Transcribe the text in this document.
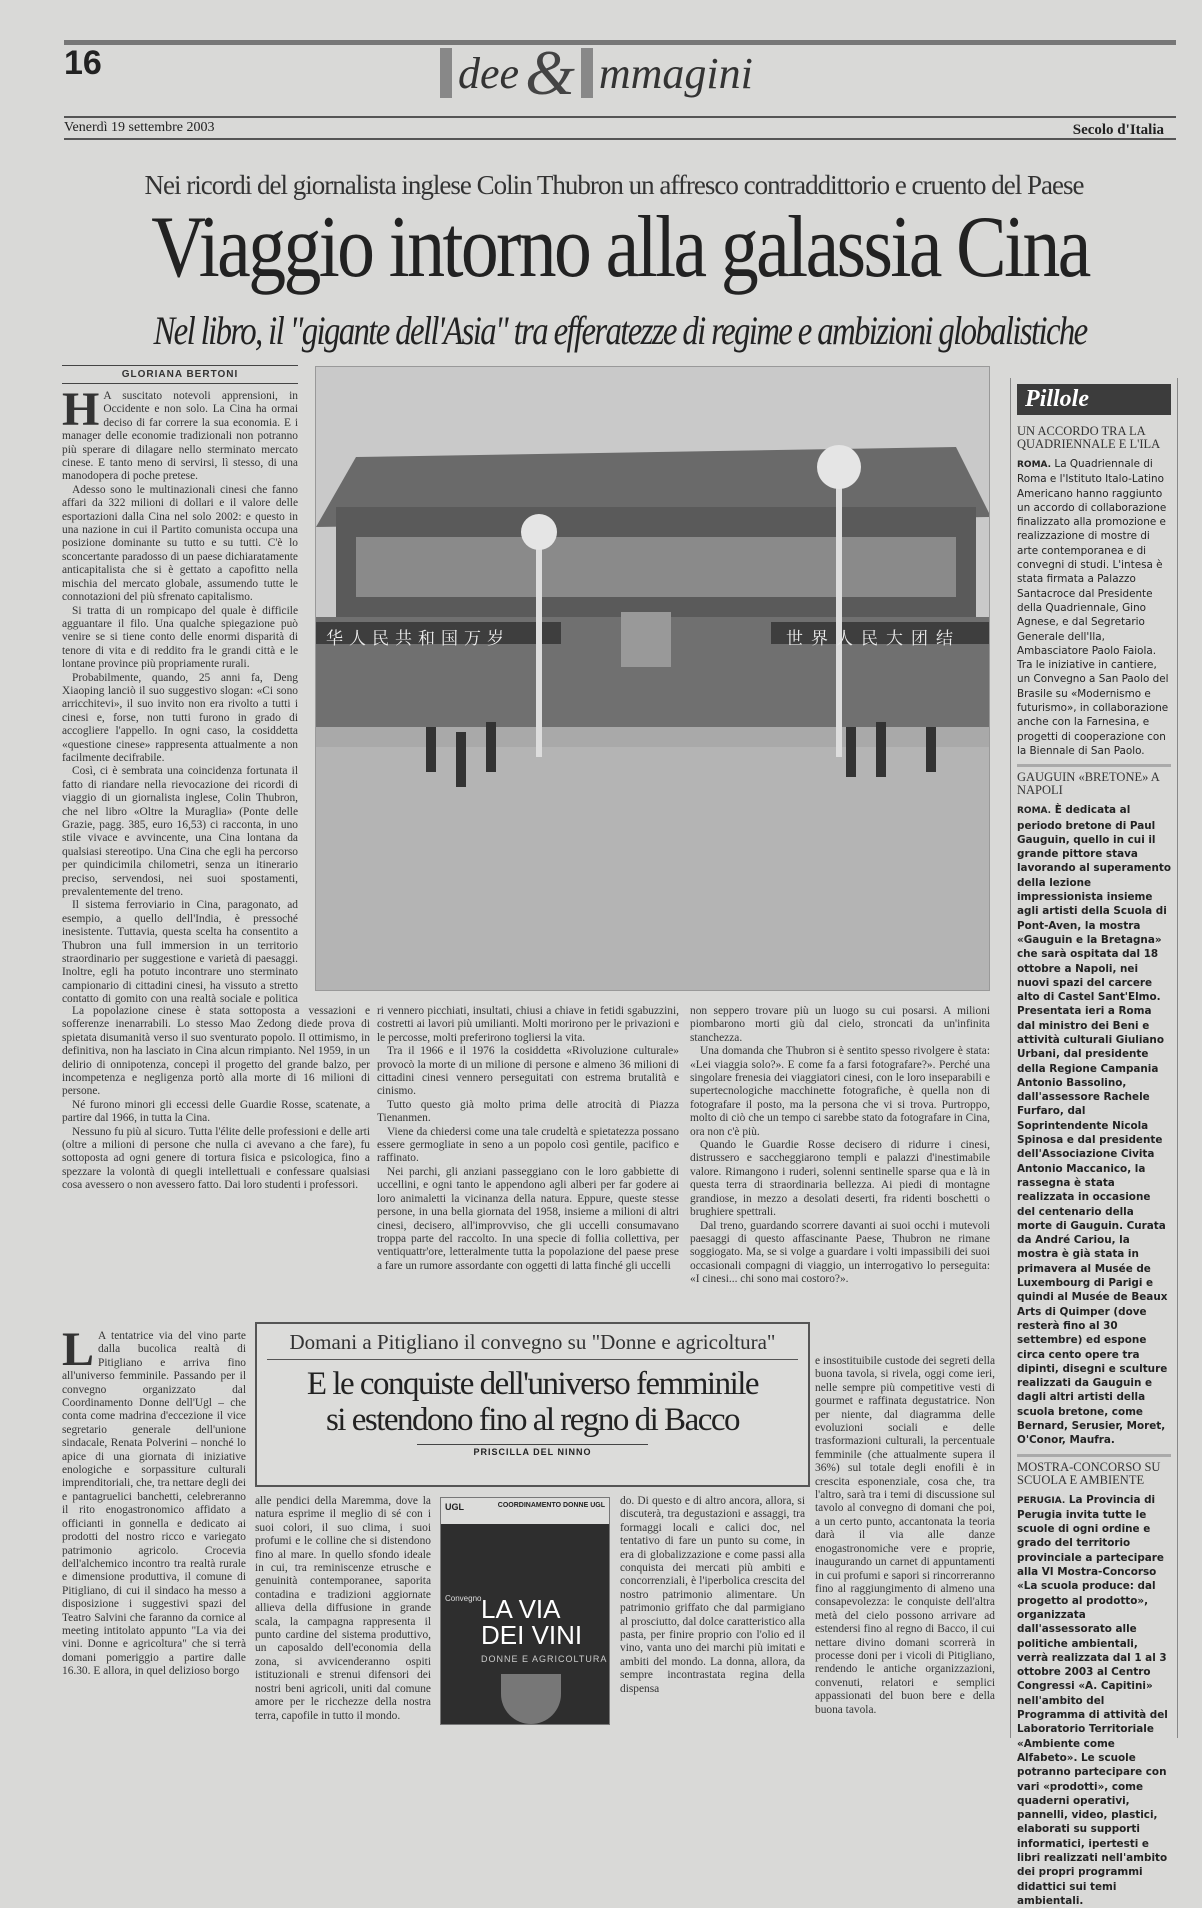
16	dee & mmagini
Venerdì 19 settembre 2003	Secolo d'Italia
Nei ricordi del giornalista inglese Colin Thubron un affresco contraddittorio e cruento del Paese
Viaggio intorno alla galassia Cina
Nel libro, il "gigante dell'Asia" tra efferatezze di regime e ambizioni globalistiche
GLORIANA BERTONI
H A suscitato notevoli apprensioni, in Occidente e non solo. La Cina ha ormai deciso di far correre la sua economia. E i manager delle economie tradizionali non potranno più sperare di dilagare nello sterminato mercato cinese. E tanto meno di servirsi, lì stesso, di una manodopera di poche pretese.

Adesso sono le multinazionali cinesi che fanno affari da 322 milioni di dollari e il valore delle esportazioni dalla Cina nel solo 2002: e questo in una nazione in cui il Partito comunista occupa una posizione dominante su tutto e su tutti. C'è lo sconcertante paradosso di un paese dichiaratamente anticapitalista che si è gettato a capofitto nella mischia del mercato globale, assumendo tutte le connotazioni del più sfrenato capitalismo.

Si tratta di un rompicapo del quale è difficile agguantare il filo. Una qualche spiegazione può venire se si tiene conto delle enormi disparità di tenore di vita e di reddito fra le grandi città e le lontane province più propriamente rurali.

Probabilmente, quando, 25 anni fa, Deng Xiaoping lanciò il suo suggestivo slogan: «Ci sono arricchitevi», il suo invito non era rivolto a tutti i cinesi e, forse, non tutti furono in grado di accogliere l'appello. In ogni caso, la cosiddetta «questione cinese» rappresenta attualmente a non facilmente decifrabile.

Così, ci è sembrata una coincidenza fortunata il fatto di riandare nella rievocazione dei ricordi di viaggio di un giornalista inglese, Colin Thubron, che nel libro «Oltre la Muraglia» (Ponte delle Grazie, pagg. 385, euro 16,53) ci racconta, in uno stile vivace e avvincente, una Cina lontana da qualsiasi stereotipo. Una Cina che egli ha percorso per quindicimila chilometri, senza un itinerario preciso, servendosi, nei suoi spostamenti, prevalentemente del treno.

Il sistema ferroviario in Cina, paragonato, ad esempio, a quello dell'India, è pressoché inesistente. Tuttavia, questa scelta ha consentito a Thubron una full immersion in un territorio straordinario per suggestione e varietà di paesaggi. Inoltre, egli ha potuto incontrare uno sterminato campionario di cittadini cinesi, ha vissuto a stretto contatto di gomito con una realtà sociale e politica

La popolazione cinese è stata sottoposta a vessazioni e sofferenze inenarrabili. Lo stesso Mao Zedong diede prova di spietata disumanità verso il suo sventurato popolo. Il ottimismo, in definitiva, non ha lasciato in Cina alcun rimpianto. Nel 1959, in un delirio di onnipotenza, concepì il progetto del grande balzo, per incompetenza e negligenza portò alla morte di 16 milioni di persone.

Né furono minori gli eccessi delle Guardie Rosse, scatenate, a partire dal 1966, in tutta la Cina.

Nessuno fu più al sicuro. Tutta l'élite delle professioni e delle arti (oltre a milioni di persone che nulla ci avevano a che fare), fu sottoposta ad ogni genere di tortura fisica e psicologica, fino a spezzare la volontà di quegli intellettuali e confessare qualsiasi cosa avessero o non avessero fatto. Dai loro studenti i professori.

华人民共和国万岁	世界人民大团结

ri vennero picchiati, insultati, chiusi a chiave in fetidi sgabuzzini, costretti ai lavori più umilianti. Molti morirono per le privazioni e le percosse, molti preferirono togliersi la vita.

Tra il 1966 e il 1976 la cosiddetta «Rivoluzione culturale» provocò la morte di un milione di persone e almeno 36 milioni di cittadini cinesi vennero perseguitati con estrema brutalità e cinismo.

Tutto questo già molto prima delle atrocità di Piazza Tienanmen.

Viene da chiedersi come una tale crudeltà e spietatezza possano essere germogliate in seno a un popolo così gentile, pacifico e raffinato.

Nei parchi, gli anziani passeggiano con le loro gabbiette di uccellini, e ogni tanto le appendono agli alberi per far godere ai loro animaletti la vicinanza della natura. Eppure, queste stesse persone, in una bella giornata del 1958, insieme a milioni di altri cinesi, decisero, all'improvviso, che gli uccelli consumavano troppa parte del raccolto. In una specie di follia collettiva, per ventiquattr'ore, letteralmente tutta la popolazione del paese prese a fare un rumore assordante con oggetti di latta finché gli uccelli

non seppero trovare più un luogo su cui posarsi. A milioni piombarono morti giù dal cielo, stroncati da un'infinita stanchezza.

Una domanda che Thubron si è sentito spesso rivolgere è stata: «Lei viaggia solo?». E come fa a farsi fotografare?». Perché una singolare frenesia dei viaggiatori cinesi, con le loro inseparabili e supertecnologiche macchinette fotografiche, è quella non di fotografare il posto, ma la persona che vi si trova. Purtroppo, molto di ciò che un tempo ci sarebbe stato da fotografare in Cina, ora non c'è più.

Quando le Guardie Rosse decisero di ridurre i cinesi, distrussero e saccheggiarono templi e palazzi d'inestimabile valore. Rimangono i ruderi, solenni sentinelle sparse qua e là in questa terra di straordinaria bellezza. Ai piedi di montagne grandiose, in mezzo a desolati deserti, fra ridenti boschetti o brughiere spettrali.

Dal treno, guardando scorrere davanti ai suoi occhi i mutevoli paesaggi di questo affascinante Paese, Thubron ne rimane soggiogato. Ma, se si volge a guardare i volti impassibili dei suoi occasionali compagni di viaggio, un interrogativo lo perseguita: «I cinesi... chi sono mai costoro?».

Pillole
UN ACCORDO TRA LA QUADRIENNALE E L'ILA
ROMA. La Quadriennale di Roma e l'Istituto Italo-Latino Americano hanno raggiunto un accordo di collaborazione finalizzato alla promozione e realizzazione di mostre di arte contemporanea e di convegni di studi. L'intesa è stata firmata a Palazzo Santacroce dal Presidente della Quadriennale, Gino Agnese, e dal Segretario Generale dell'Ila, Ambasciatore Paolo Faiola. Tra le iniziative in cantiere, un Convegno a San Paolo del Brasile su «Modernismo e futurismo», in collaborazione anche con la Farnesina, e progetti di cooperazione con la Biennale di San Paolo.
GAUGUIN «BRETONE» A NAPOLI
ROMA. È dedicata al periodo bretone di Paul Gauguin, quello in cui il grande pittore stava lavorando al superamento della lezione impressionista insieme agli artisti della Scuola di Pont-Aven, la mostra «Gauguin e la Bretagna» che sarà ospitata dal 18 ottobre a Napoli, nei nuovi spazi del carcere alto di Castel Sant'Elmo. Presentata ieri a Roma dal ministro dei Beni e attività culturali Giuliano Urbani, dal presidente della Regione Campania Antonio Bassolino, dall'assessore Rachele Furfaro, dal Soprintendente Nicola Spinosa e dal presidente dell'Associazione Civita Antonio Maccanico, la rassegna è stata realizzata in occasione del centenario della morte di Gauguin. Curata da André Cariou, la mostra è già stata in primavera al Musée de Luxembourg di Parigi e quindi al Musée de Beaux Arts di Quimper (dove resterà fino al 30 settembre) ed espone circa cento opere tra dipinti, disegni e sculture realizzati da Gauguin e dagli altri artisti della scuola bretone, come Bernard, Serusier, Moret, O'Conor, Maufra.
MOSTRA-CONCORSO SU SCUOLA E AMBIENTE
PERUGIA. La Provincia di Perugia invita tutte le scuole di ogni ordine e grado del territorio provinciale a partecipare alla VI Mostra-Concorso «La scuola produce: dal progetto al prodotto», organizzata dall'assessorato alle politiche ambientali, verrà realizzata dal 1 al 3 ottobre 2003 al Centro Congressi «A. Capitini» nell'ambito del Programma di attività del Laboratorio Territoriale «Ambiente come Alfabeto». Le scuole potranno partecipare con vari «prodotti», come quaderni operativi, pannelli, video, plastici, elaborati su supporti informatici, ipertesti e libri realizzati nell'ambito dei propri programmi didattici sui temi ambientali.
Domani a Pitigliano il convegno su "Donne e agricoltura"
E le conquiste dell'universo femminile
si estendono fino al regno di Bacco
PRISCILLA DEL NINNO
L A tentatrice via del vino parte dalla bucolica realtà di Pitigliano e arriva fino all'universo femminile. Passando per il convegno organizzato dal Coordinamento Donne dell'Ugl – che conta come madrina d'eccezione il vice segretario generale dell'unione sindacale, Renata Polverini – nonché lo apice di una giornata di iniziative enologiche e sorpassiture culturali imprenditoriali, che, tra nettare degli dei e pantagruelici banchetti, celebreranno il rito enogastronomico affidato a officianti in gonnella e dedicato ai prodotti del nostro ricco e variegato patrimonio agricolo. Crocevia dell'alchemico incontro tra realtà rurale e dimensione produttiva, il comune di Pitigliano, di cui il sindaco ha messo a disposizione i suggestivi spazi del Teatro Salvini che faranno da cornice al meeting intitolato appunto "La via dei vini. Donne e agricoltura" che si terrà domani pomeriggio a partire dalle 16.30. E allora, in quel delizioso borgo
alle pendici della Maremma, dove la natura esprime il meglio di sé con i suoi colori, il suo clima, i suoi profumi e le colline che si distendono fino al mare. In quello sfondo ideale in cui, tra reminiscenze etrusche e genuinità contemporanee, saporita contadina e tradizioni aggiornate allieva della diffusione in grande scala, la campagna rappresenta il punto cardine del sistema produttivo, un caposaldo dell'economia della zona, si avvicenderanno ospiti istituzionali e strenui difensori dei nostri beni agricoli, uniti dal comune amore per le ricchezze della nostra terra, capofile in tutto il mondo.
UGL	COORDINAMENTO DONNE UGL
Convegno LA VIA DEI VINI
DONNE E AGRICOLTURA
do. Di questo e di altro ancora, allora, si discuterà, tra degustazioni e assaggi, tra formaggi locali e calici doc, nel tentativo di fare un punto su come, in era di globalizzazione e come passi alla conquista dei mercati più ambiti e concorrenziali, è l'iperbolica crescita del nostro patrimonio alimentare. Un patrimonio griffato che dal parmigiano al prosciutto, dal dolce caratteristico alla pasta, per finire proprio con l'olio ed il vino, vanta uno dei marchi più imitati e ambiti del mondo. La donna, allora, da sempre incontrastata regina della dispensa
e insostituibile custode dei segreti della buona tavola, si rivela, oggi come ieri, nelle sempre più competitive vesti di gourmet e raffinata degustatrice. Non per niente, dal diagramma delle evoluzioni sociali e delle trasformazioni culturali, la percentuale femminile (che attualmente supera il 36%) sul totale degli enofili è in crescita esponenziale, cosa che, tra l'altro, sarà tra i temi di discussione sul tavolo al convegno di domani che poi, a un certo punto, accantonata la teoria darà il via alle danze enogastronomiche vere e proprie, inaugurando un carnet di appuntamenti in cui profumi e sapori si rincorreranno fino al raggiungimento di almeno una consapevolezza: le conquiste dell'altra metà del cielo possono arrivare ad estendersi fino al regno di Bacco, il cui nettare divino domani scorrerà in processe doni per i vicoli di Pitigliano, rendendo le antiche organizzazioni, convenuti, relatori e semplici appassionati del buon bere e della buona tavola.
